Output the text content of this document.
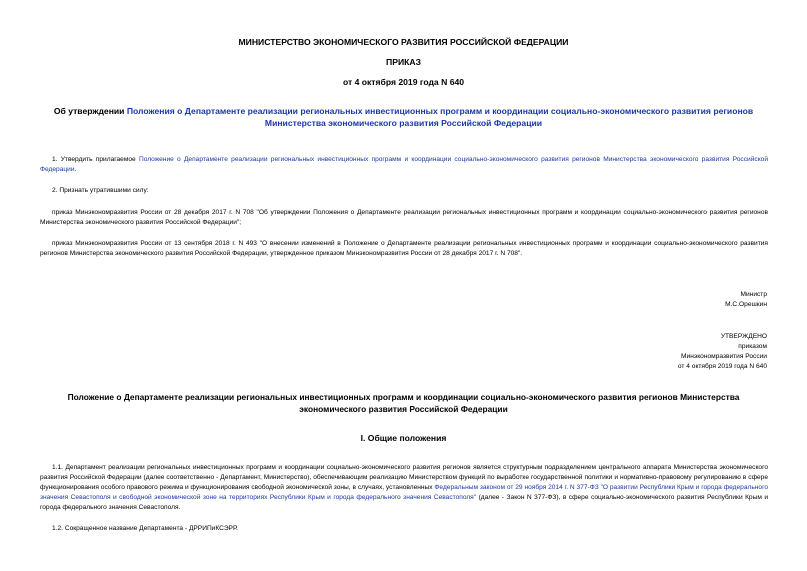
МИНИСТЕРСТВО ЭКОНОМИЧЕСКОГО РАЗВИТИЯ РОССИЙСКОЙ ФЕДЕРАЦИИ
ПРИКАЗ
от 4 октября 2019 года N 640
Об утверждении Положения о Департаменте реализации региональных инвестиционных программ и координации социально-экономического развития регионов Министерства экономического развития Российской Федерации
1. Утвердить прилагаемое Положение о Департаменте реализации региональных инвестиционных программ и координации социально-экономического развития регионов Министерства экономического развития Российской Федерации.
2. Признать утратившими силу:
приказ Минэкономразвития России от 28 декабря 2017 г. N 708 "Об утверждении Положения о Департаменте реализации региональных инвестиционных программ и координации социально-экономического развития регионов Министерства экономического развития Российской Федерации";
приказ Минэкономразвития России от 13 сентября 2018 г. N 493 "О внесении изменений в Положение о Департаменте реализации региональных инвестиционных программ и координации социально-экономического развития регионов Министерства экономического развития Российской Федерации, утвержденное приказом Минэкономразвития России от 28 декабря 2017 г. N 708".
Министр
М.С.Орешкин
УТВЕРЖДЕНО
приказом
Минэкономразвития России
от 4 октября 2019 года N 640
Положение о Департаменте реализации региональных инвестиционных программ и координации социально-экономического развития регионов Министерства экономического развития Российской Федерации
I. Общие положения
1.1. Департамент реализации региональных инвестиционных программ и координации социально-экономического развития регионов является структурным подразделением центрального аппарата Министерства экономического развития Российской Федерации (далее соответственно - Департамент, Министерство), обеспечивающим реализацию Министерством функций по выработке государственной политики и нормативно-правовому регулированию в сфере функционирования особого правового режима и функционирования свободной экономической зоны, в случаях, установленных Федеральным законом от 29 ноября 2014 г. N 377-ФЗ "О развитии Республики Крым и города федерального значения Севастополя и свободной экономической зоне на территориях Республики Крым и города федерального значения Севастополя" (далее - Закон N 377-ФЗ), в сфере социально-экономического развития Республики Крым и города федерального значения Севастополя.
1.2. Сокращенное название Департамента - ДРРИПиКСЭРР.
